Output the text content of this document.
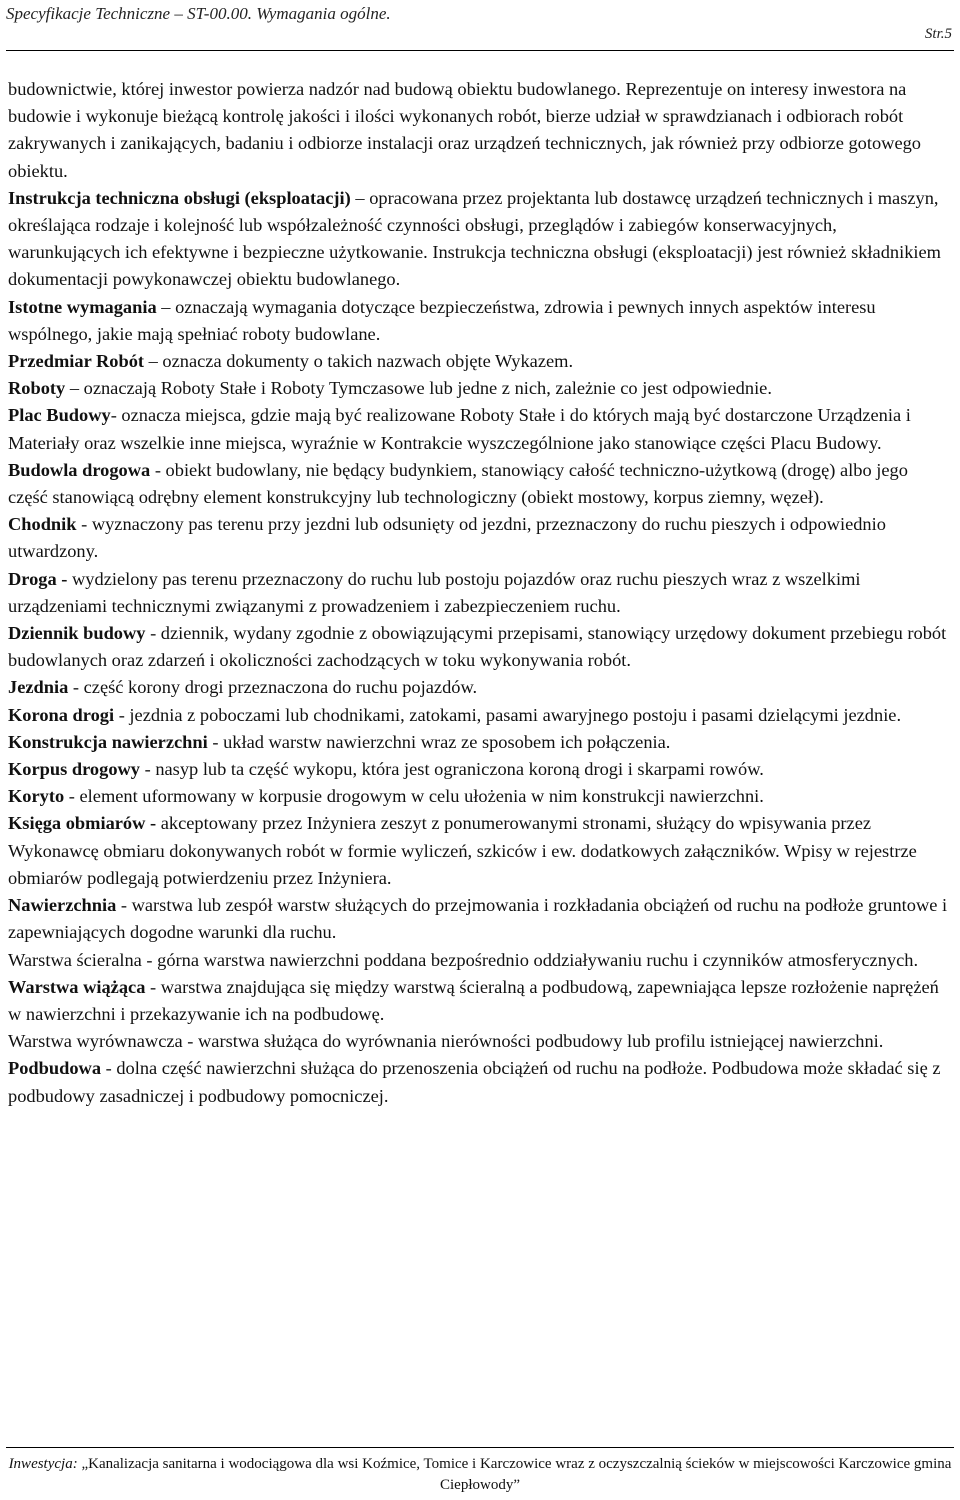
Specyfikacje Techniczne – ST-00.00. Wymagania ogólne.
Str.5

budownictwie, której inwestor powierza nadzór nad budową obiektu budowlanego. Reprezentuje on interesy inwestora na budowie i wykonuje bieżącą kontrolę jakości i ilości wykonanych robót, bierze udział w sprawdzianach i odbiorach robót zakrywanych i zanikających, badaniu i odbiorze instalacji oraz urządzeń technicznych, jak również przy odbiorze gotowego obiektu.

Instrukcja techniczna obsługi (eksploatacji) – opracowana przez projektanta lub dostawcę urządzeń technicznych i maszyn, określająca rodzaje i kolejność lub współzależność czynności obsługi, przeglądów i zabiegów konserwacyjnych, warunkujących ich efektywne i bezpieczne użytkowanie. Instrukcja techniczna obsługi (eksploatacji) jest również składnikiem dokumentacji powykonawczej obiektu budowlanego.

Istotne wymagania – oznaczają wymagania dotyczące bezpieczeństwa, zdrowia i pewnych innych aspektów interesu wspólnego, jakie mają spełniać roboty budowlane.

Przedmiar Robót – oznacza dokumenty o takich nazwach objęte Wykazem.

Roboty – oznaczają Roboty Stałe i Roboty Tymczasowe lub jedne z nich, zależnie co jest odpowiednie.

Plac Budowy- oznacza miejsca, gdzie mają być realizowane Roboty Stałe i do których mają być dostarczone Urządzenia i Materiały oraz wszelkie inne miejsca, wyraźnie w Kontrakcie wyszczególnione jako stanowiące części Placu Budowy.

Budowla drogowa - obiekt budowlany, nie będący budynkiem, stanowiący całość techniczno-użytkową (drogę) albo jego część stanowiącą odrębny element konstrukcyjny lub technologiczny (obiekt mostowy, korpus ziemny, węzeł).

Chodnik - wyznaczony pas terenu przy jezdni lub odsunięty od jezdni, przeznaczony do ruchu pieszych i odpowiednio utwardzony.

Droga - wydzielony pas terenu przeznaczony do ruchu lub postoju pojazdów oraz ruchu pieszych wraz z wszelkimi urządzeniami technicznymi związanymi z prowadzeniem i zabezpieczeniem ruchu.

Dziennik budowy - dziennik, wydany zgodnie z obowiązującymi przepisami, stanowiący urzędowy dokument przebiegu robót budowlanych oraz zdarzeń i okoliczności zachodzących w toku wykonywania robót.

Jezdnia - część korony drogi przeznaczona do ruchu pojazdów.

Korona drogi - jezdnia z poboczami lub chodnikami, zatokami, pasami awaryjnego postoju i pasami dzielącymi jezdnie.

Konstrukcja nawierzchni - układ warstw nawierzchni wraz ze sposobem ich połączenia.

Korpus drogowy - nasyp lub ta część wykopu, która jest ograniczona koroną drogi i skarpami rowów.

Koryto - element uformowany w korpusie drogowym w celu ułożenia w nim konstrukcji nawierzchni.

Księga obmiarów - akceptowany przez Inżyniera zeszyt z ponumerowanymi stronami, służący do wpisywania przez Wykonawcę obmiaru dokonywanych robót w formie wyliczeń, szkiców i ew. dodatkowych załączników. Wpisy w rejestrze obmiarów podlegają potwierdzeniu przez Inżyniera.

Nawierzchnia - warstwa lub zespół warstw służących do przejmowania i rozkładania obciążeń od ruchu na podłoże gruntowe i zapewniających dogodne warunki dla ruchu.

Warstwa ścieralna - górna warstwa nawierzchni poddana bezpośrednio oddziaływaniu ruchu i czynników atmosferycznych.

Warstwa wiążąca - warstwa znajdująca się między warstwą ścieralną a podbudową, zapewniająca lepsze rozłożenie naprężeń w nawierzchni i przekazywanie ich na podbudowę.

Warstwa wyrównawcza - warstwa służąca do wyrównania nierówności podbudowy lub profilu istniejącej nawierzchni.

Podbudowa - dolna część nawierzchni służąca do przenoszenia obciążeń od ruchu na podłoże. Podbudowa może składać się z podbudowy zasadniczej i podbudowy pomocniczej.

Inwestycja: „Kanalizacja sanitarna i wodociągowa dla wsi Koźmice, Tomice i Karczowice wraz z oczyszczalnią ścieków w miejscowości Karczowice gmina Ciepłowody”
